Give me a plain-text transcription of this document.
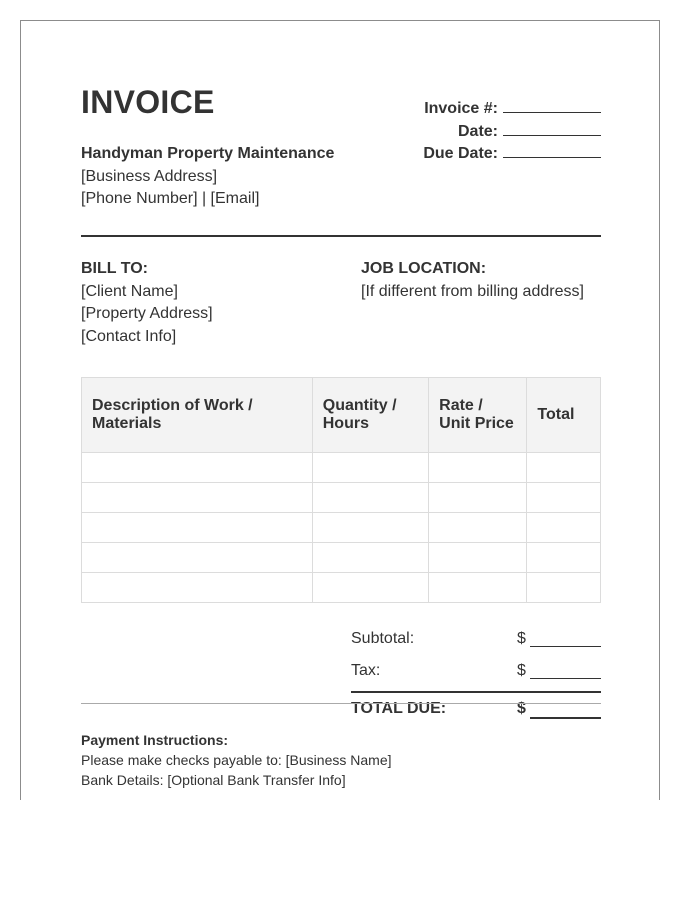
INVOICE
Handyman Property Maintenance
[Business Address]
[Phone Number] | [Email]
Invoice #:
Date:
Due Date:
BILL TO:
[Client Name]
[Property Address]
[Contact Info]
JOB LOCATION:
[If different from billing address]
Description of Work / Materials	Quantity / Hours	Rate / Unit Price	Total

Subtotal:	$
Tax:	$
TOTAL DUE:	$
Payment Instructions:
Please make checks payable to: [Business Name]
Bank Details: [Optional Bank Transfer Info]
